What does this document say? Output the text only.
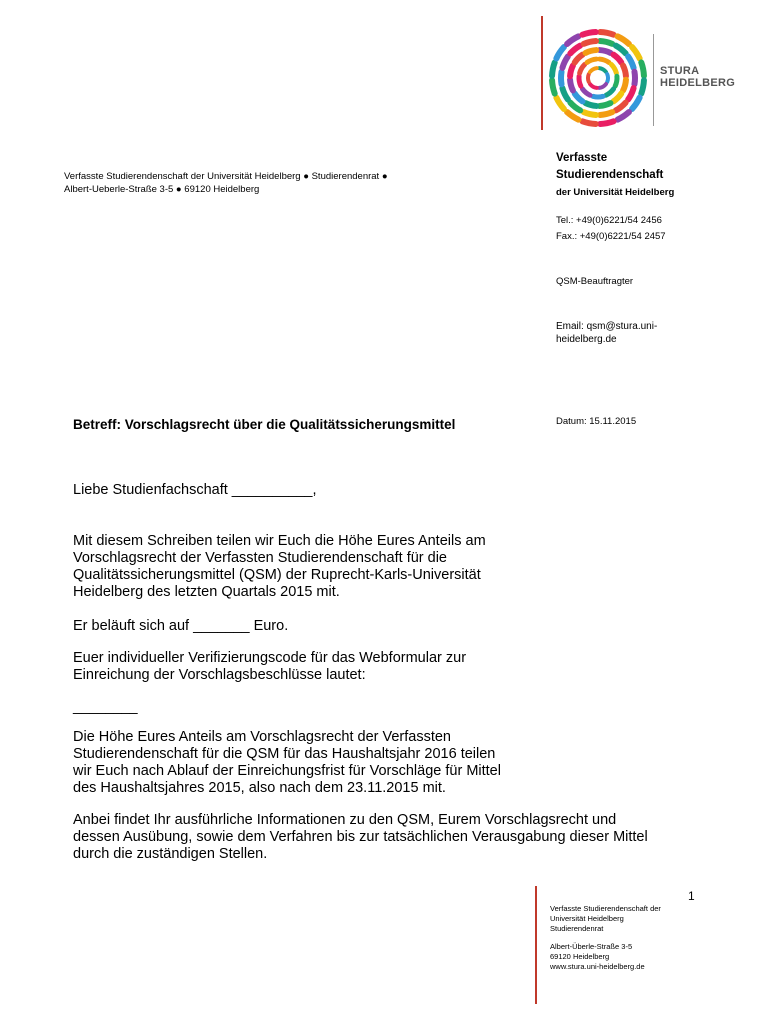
STURA
HEIDELBERG
Verfasste Studierendenschaft der Universität Heidelberg ● Studierendenrat ●
Albert-Ueberle-Straße 3-5 ● 69120 Heidelberg
Verfasste
Studierendenschaft
der Universität Heidelberg
Tel.: +49(0)6221/54 2456
Fax.: +49(0)6221/54 2457
QSM-Beauftragter
Email: qsm@stura.uni-
heidelberg.de
Datum: 15.11.2015
Betreff: Vorschlagsrecht über die Qualitätssicherungsmittel

Liebe Studienfachschaft __________,

Mit diesem Schreiben teilen wir Euch die Höhe Eures Anteils am

Vorschlagsrecht der Verfassten Studierendenschaft für die

Qualitätssicherungsmittel (QSM) der Ruprecht-Karls-Universität

Heidelberg des letzten Quartals 2015 mit.

Er beläuft sich auf _______ Euro.

Euer individueller Verifizierungscode für das Webformular zur

Einreichung der Vorschlagsbeschlüsse lautet:

________

Die Höhe Eures Anteils am Vorschlagsrecht der Verfassten

Studierendenschaft für die QSM für das Haushaltsjahr 2016 teilen

wir Euch nach Ablauf der Einreichungsfrist für Vorschläge für Mittel

des Haushaltsjahres 2015, also nach dem 23.11.2015 mit.

Anbei findet Ihr ausführliche Informationen zu den QSM, Eurem Vorschlagsrecht und

dessen Ausübung, sowie dem Verfahren bis zur tatsächlichen Verausgabung dieser Mittel

durch die zuständigen Stellen.

1
Verfasste Studierendenschaft der
Universität Heidelberg
Studierendenrat
Albert-Überle-Straße 3-5
69120 Heidelberg
www.stura.uni-heidelberg.de
